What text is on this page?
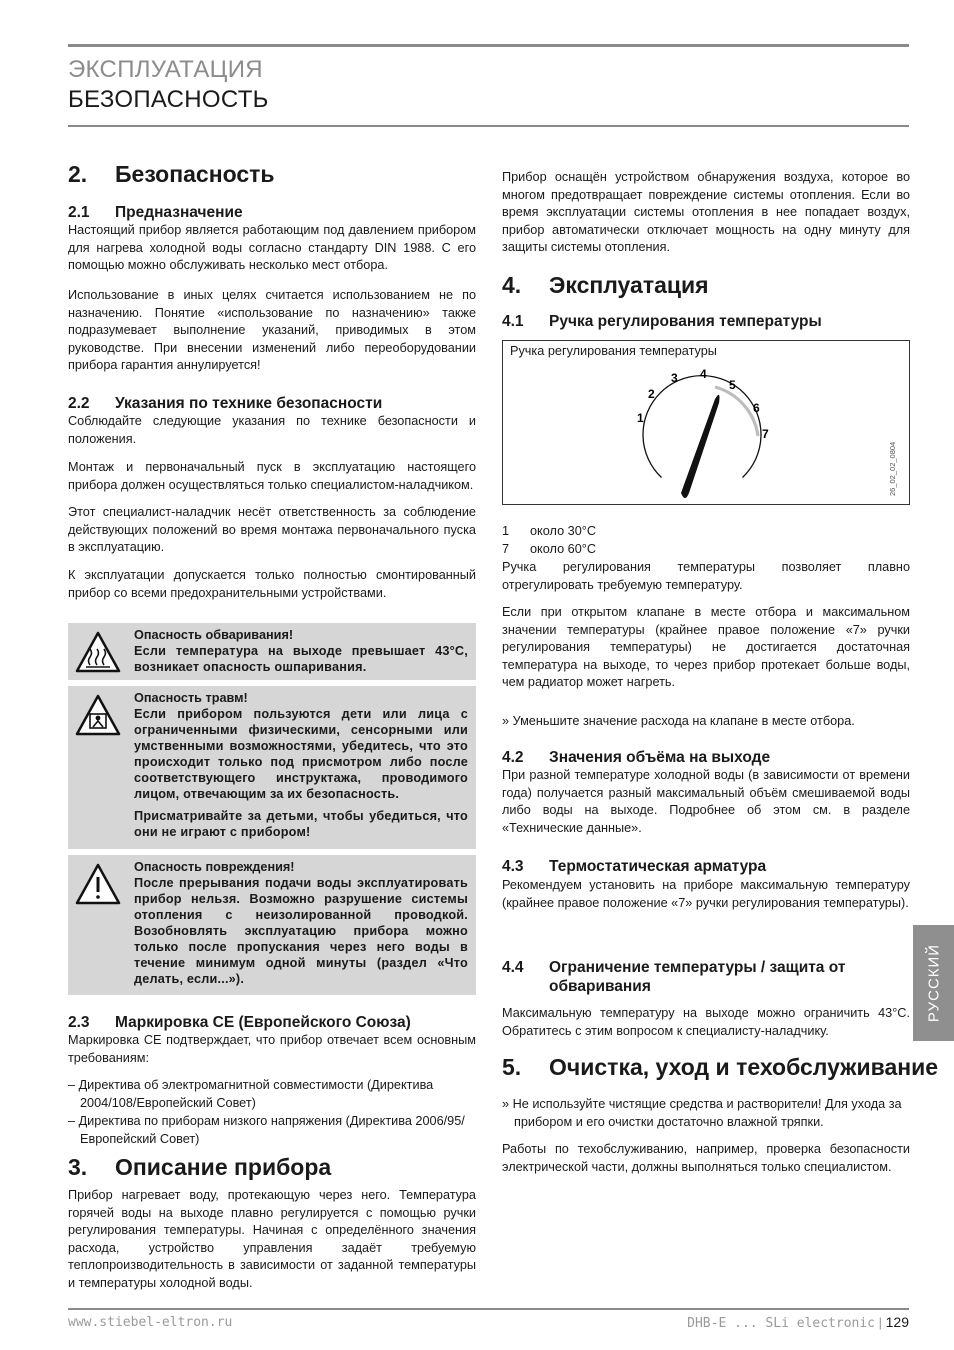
ЭКСПЛУАТАЦИЯ
БЕЗОПАСНОСТЬ
2.	Безопасность
2.1	Предназначение

Настоящий прибор является работающим под давлением прибором для нагрева холодной воды согласно стандарту DIN 1988. С его помощью можно обслуживать несколько мест отбора.

Использование в иных целях считается использованием не по назначению. Понятие «использование по назначению» также подразумевает выполнение указаний, приводимых в этом руководстве. При внесении изменений либо переоборудовании прибора гарантия аннулируется!

2.2	Указания по технике безопасности

Соблюдайте следующие указания по технике безопасности и положения.

Монтаж и первоначальный пуск в эксплуатацию настоящего прибора должен осуществляться только специалистом-наладчиком.

Этот специалист-наладчик несёт ответственность за соблюдение действующих положений во время монтажа первоначального пуска в эксплуатацию.

К эксплуатации допускается только полностью смонтированный прибор со всеми предохранительными устройствами.

Опасность обваривания!
Если температура на выходе превышает 43°C, возникает опасность ошпаривания.
Опасность травм!
Если прибором пользуются дети или лица с ограниченными физическими, сенсорными или умственными возможностями, убедитесь, что это происходит только под присмотром либо после соответствующего инструктажа, проводимого лицом, отвечающим за их безопасность.
Присматривайте за детьми, чтобы убедиться, что они не играют с прибором!
Опасность повреждения!
После прерывания подачи воды эксплуатировать прибор нельзя. Возможно разрушение системы отопления с неизолированной проводкой. Возобновлять эксплуатацию прибора можно только после пропускания через него воды в течение минимум одной минуты (раздел «Что делать, если...»).
2.3	Маркировка CE (Европейского Союза)

Маркировка CE подтверждает, что прибор отвечает всем основным требованиям:

– Директива об электромагнитной совместимости (Директива 2004/108/Европейский Совет)
– Директива по приборам низкого напряжения (Директива 2006/95/Европейский Совет)
3.	Описание прибора

Прибор нагревает воду, протекающую через него. Температура горячей воды на выходе плавно регулируется с помощью ручки регулирования температуры. Начиная с определённого значения расхода, устройство управления задаёт требуемую теплопроизводительность в зависимости от заданной температуры и температуры холодной воды.

Прибор оснащён устройством обнаружения воздуха, которое во многом предотвращает повреждение системы отопления. Если во время эксплуатации системы отопления в нее попадает воздух, прибор автоматически отключает мощность на одну минуту для защиты системы отопления.

4.	Эксплуатация
4.1	Ручка регулирования температуры
Ручка регулирования температуры
1
2
3 4
5
6
7
26_02_02_0804
1 около 30°C
7 около 60°C

Ручка регулирования температуры позволяет плавно отрегулировать требуемую температуру.

Если при открытом клапане в месте отбора и максимальном значении температуры (крайнее правое положение «7» ручки регулирования температуры) не достигается достаточная температура на выходе, то через прибор протекает больше воды, чем радиатор может нагреть.

» Уменьшите значение расхода на клапане в месте отбора.

4.2	Значения объёма на выходе

При разной температуре холодной воды (в зависимости от времени года) получается разный максимальный объём смешиваемой воды либо воды на выходе. Подробнее об этом см. в разделе «Технические данные».

4.3	Термостатическая арматура

Рекомендуем установить на приборе максимальную температуру (крайнее правое положение «7» ручки регулирования температуры).

4.4	Ограничение температуры / защита от
обваривания

Максимальную температуру на выходе можно ограничить 43°C. Обратитесь с этим вопросом к специалисту-наладчику.

5.	Очистка, уход и техобслуживание

» Не используйте чистящие средства и растворители! Для ухода за прибором и его очистки достаточно влажной тряпки.

Работы по техобслуживанию, например, проверка безопасности электрической части, должны выполняться только специалистом.

РУССКИЙ
www.stiebel-eltron.ru	DHB-E ... SLi electronic | 129
